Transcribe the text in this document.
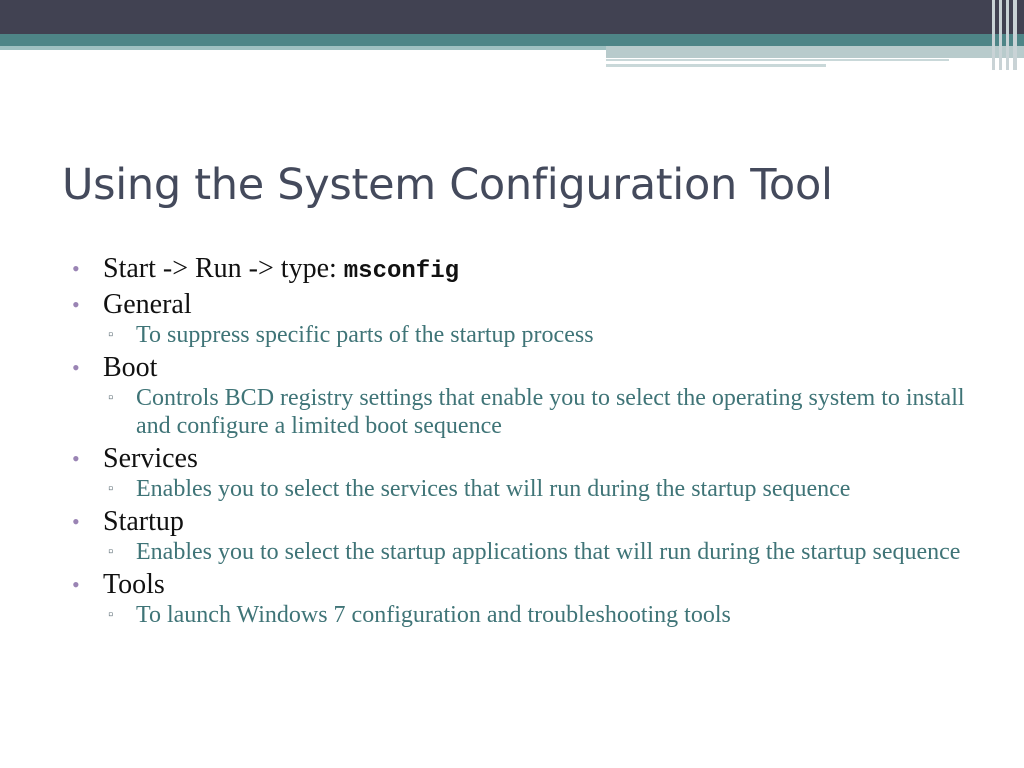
Using the System Configuration Tool
• Start -> Run -> type: msconfig
• General
▫ To suppress specific parts of the startup process
• Boot
▫ Controls BCD registry settings that enable you to select the operating system to install and configure a limited boot sequence
• Services
▫ Enables you to select the services that will run during the startup sequence
• Startup
▫ Enables you to select the startup applications that will run during the startup sequence
• Tools
▫ To launch Windows 7 configuration and troubleshooting tools
